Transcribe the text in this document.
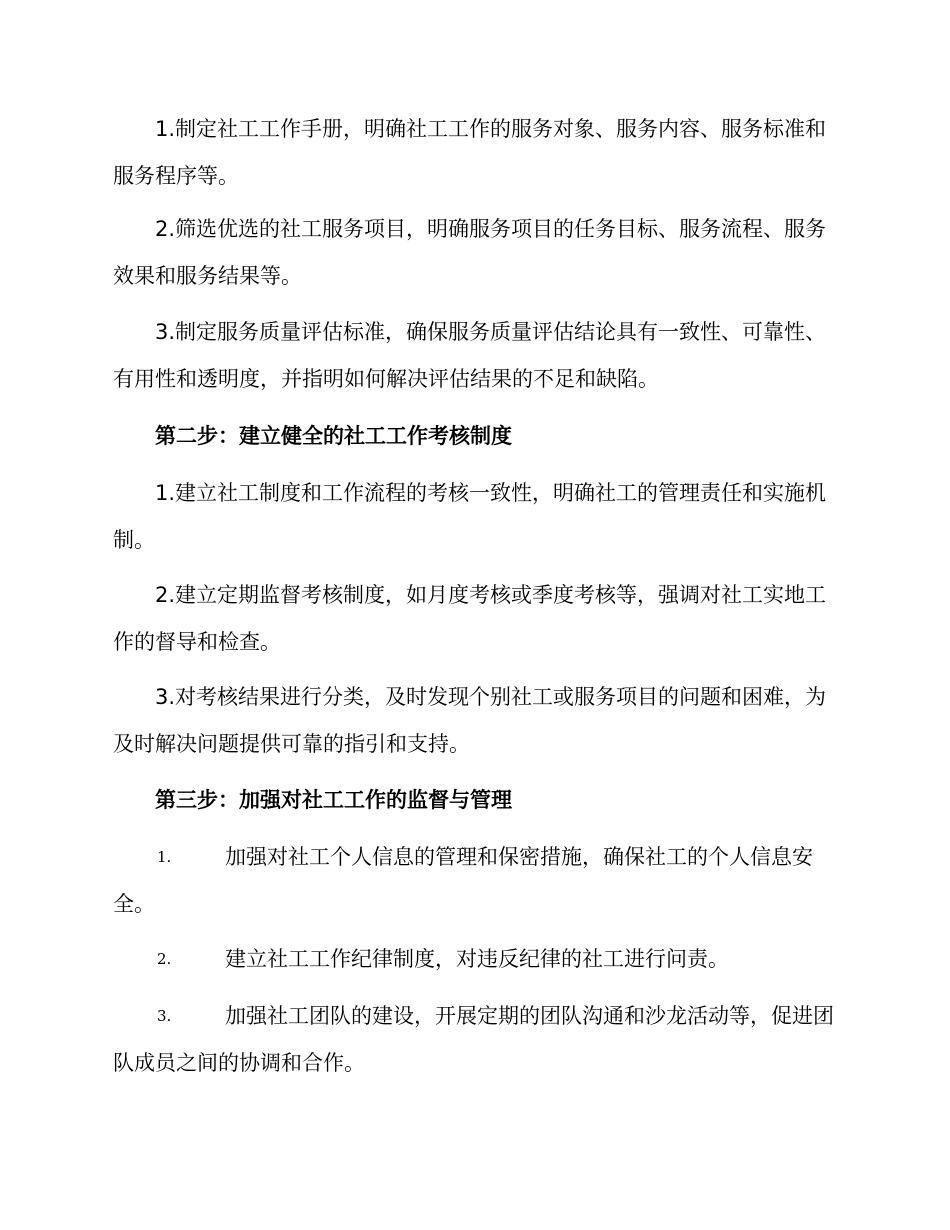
1.制定社工工作手册，明确社工工作的服务对象、服务内容、服务标准和服务程序等。

2.筛选优选的社工服务项目，明确服务项目的任务目标、服务流程、服务效果和服务结果等。

3.制定服务质量评估标准，确保服务质量评估结论具有一致性、可靠性、有用性和透明度，并指明如何解决评估结果的不足和缺陷。

第二步：建立健全的社工工作考核制度

1.建立社工制度和工作流程的考核一致性，明确社工的管理责任和实施机制。

2.建立定期监督考核制度，如月度考核或季度考核等，强调对社工实地工作的督导和检查。

3.对考核结果进行分类，及时发现个别社工或服务项目的问题和困难，为及时解决问题提供可靠的指引和支持。

第三步：加强对社工工作的监督与管理
1.	加强对社工个人信息的管理和保密措施，确保社工的个人信息安全。

2.	建立社工工作纪律制度，对违反纪律的社工进行问责。

3.	加强社工团队的建设，开展定期的团队沟通和沙龙活动等，促进团队成员之间的协调和合作。
